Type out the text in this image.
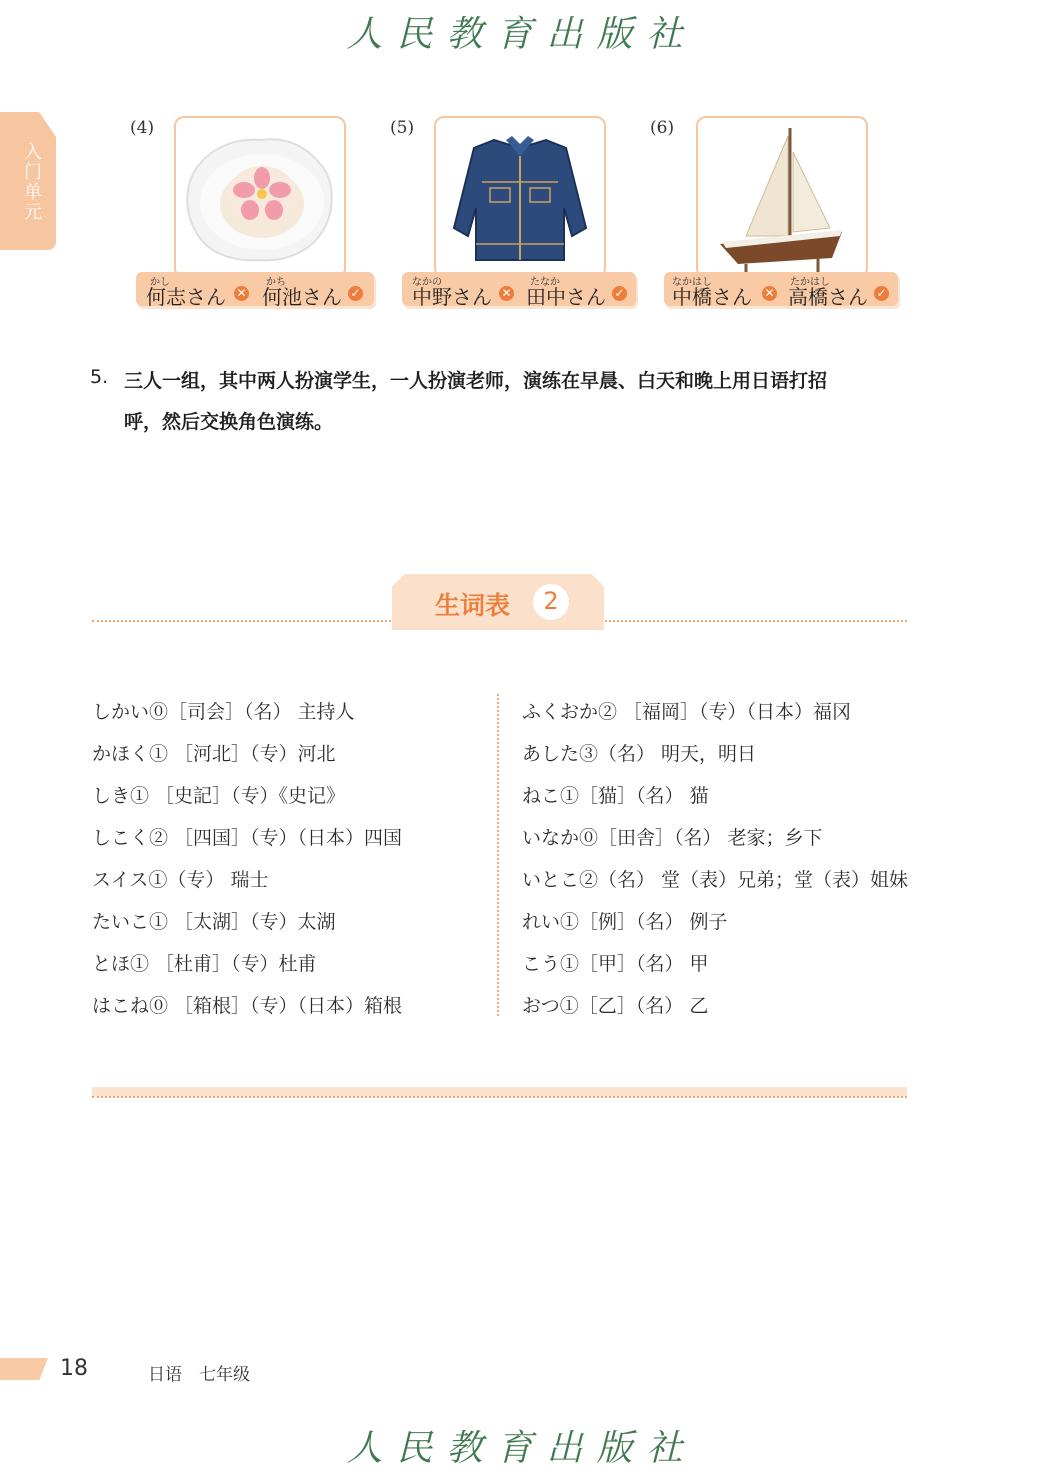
人民教育出版社
入门单元
(4)
かし
何志さん ✕
かち
何池さん ✓
(5)
なかの
中野さん ✕
たなか
田中さん ✓
(6)
なかはし
中橋さん ✕
たかはし
高橋さん ✓
5. 三人一组，其中两人扮演学生，一人扮演老师，演练在早晨、白天和晚上用日语打招
呼，然后交换角色演练。
生词表	2
しかい⓪［司会］（名） 主持人
かほく① ［河北］（专）河北
しき① ［史記］（专）《史记》
しこく② ［四国］（专）（日本）四国
スイス①（专） 瑞士
たいこ① ［太湖］（专）太湖
とほ① ［杜甫］（专）杜甫
はこね⓪ ［箱根］（专）（日本）箱根
ふくおか② ［福岡］（专）（日本）福冈
あした③（名） 明天，明日
ねこ①［猫］（名） 猫
いなか⓪［田舎］（名） 老家；乡下
いとこ②（名） 堂（表）兄弟；堂（表）姐妹
れい①［例］（名） 例子
こう①［甲］（名） 甲
おつ①［乙］（名） 乙
18	日语　七年级
人民教育出版社
